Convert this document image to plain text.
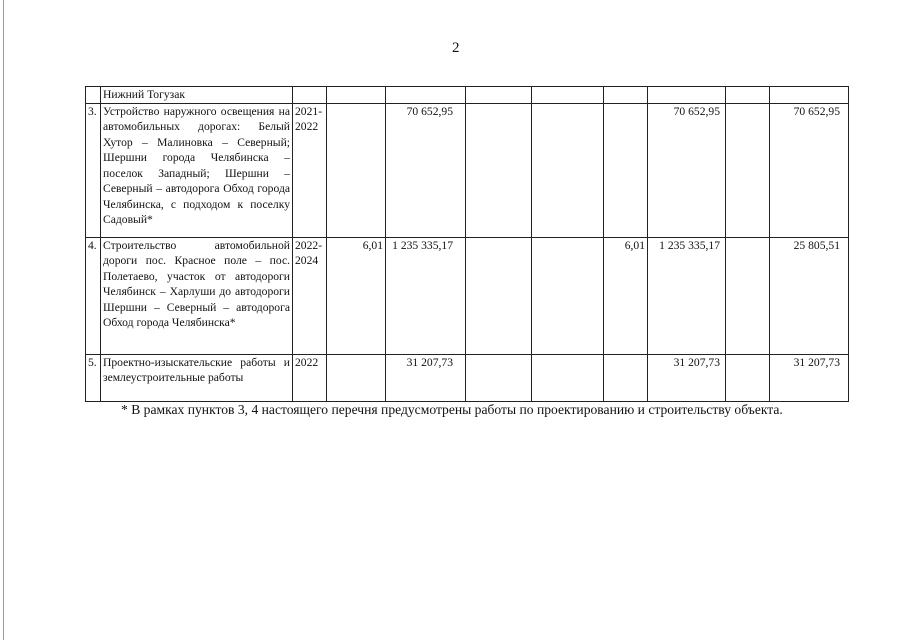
2
	Нижний Тогузак									
3.	Устройство наружного освещения на автомобильных дорогах: Белый Хутор – Малиновка – Северный; Шершни города Челябинска – поселок Западный; Шершни – Северный – автодорога Обход города Челябинска, с подходом к поселку Садовый*	2021-2022		70 652,95				70 652,95		70 652,95
4.	Строительство автомобильной дороги пос. Красное поле – пос. Полетаево, участок от автодороги Челябинск – Харлуши до автодороги Шершни – Северный – автодорога Обход города Челябинска*	2022-2024	6,01	1 235 335,17			6,01	1 235 335,17		25 805,51
5.	Проектно-изыскательские работы и землеустроительные работы	2022		31 207,73				31 207,73		31 207,73
* В рамках пунктов 3, 4 настоящего перечня предусмотрены работы по проектированию и строительству объекта.
